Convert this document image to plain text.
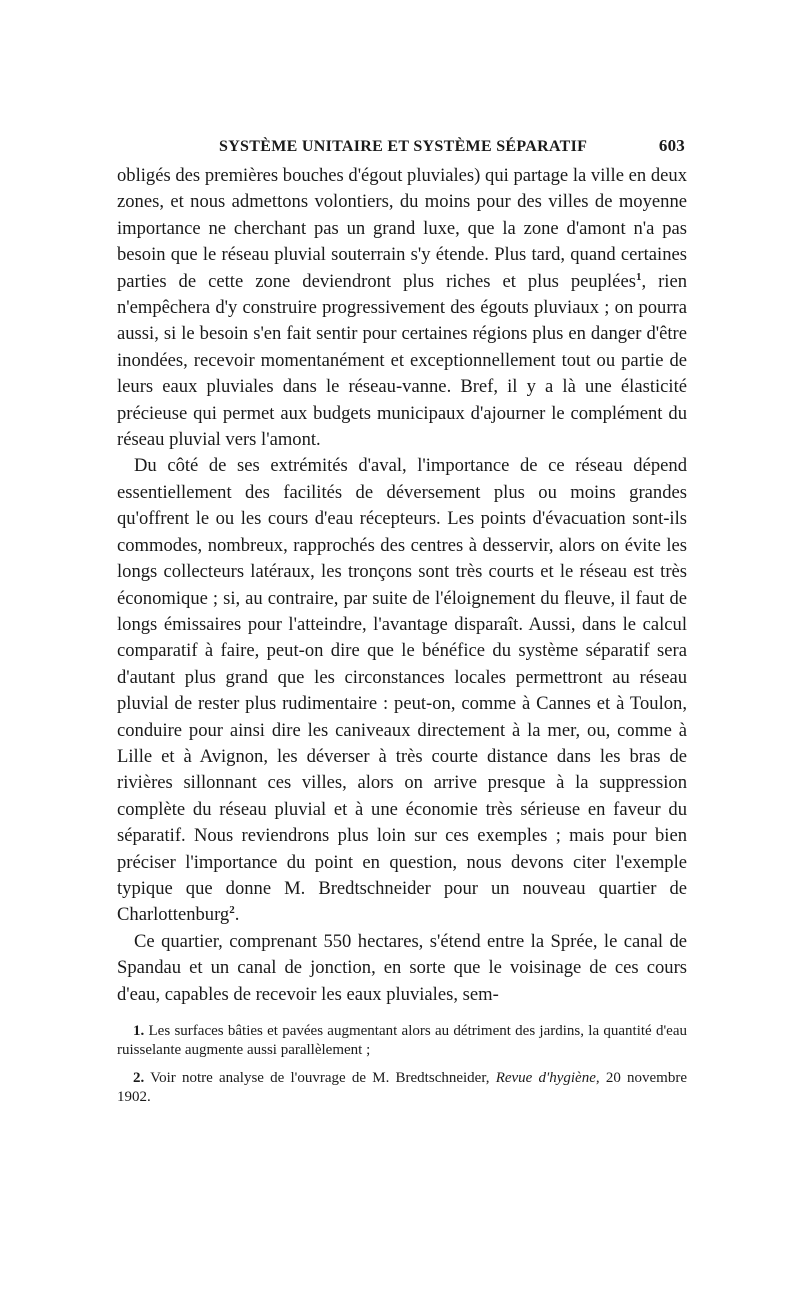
SYSTÈME UNITAIRE ET SYSTÈME SÉPARATIF	603

obligés des premières bouches d'égout pluviales) qui partage la ville en deux zones, et nous admettons volontiers, du moins pour des villes de moyenne importance ne cherchant pas un grand luxe, que la zone d'amont n'a pas besoin que le réseau pluvial souterrain s'y étende. Plus tard, quand certaines parties de cette zone deviendront plus riches et plus peuplées$^1$, rien n'empêchera d'y construire progressivement des égouts pluviaux ; on pourra aussi, si le besoin s'en fait sentir pour certaines régions plus en danger d'être inondées, recevoir momentanément et exceptionnellement tout ou partie de leurs eaux pluviales dans le réseau-vanne. Bref, il y a là une élasticité précieuse qui permet aux budgets municipaux d'ajourner le complément du réseau pluvial vers l'amont.

Du côté de ses extrémités d'aval, l'importance de ce réseau dépend essentiellement des facilités de déversement plus ou moins grandes qu'offrent le ou les cours d'eau récepteurs. Les points d'évacuation sont-ils commodes, nombreux, rapprochés des centres à desservir, alors on évite les longs collecteurs latéraux, les tronçons sont très courts et le réseau est très économique ; si, au contraire, par suite de l'éloignement du fleuve, il faut de longs émissaires pour l'atteindre, l'avantage disparaît. Aussi, dans le calcul comparatif à faire, peut-on dire que le bénéfice du système séparatif sera d'autant plus grand que les circonstances locales permettront au réseau pluvial de rester plus rudimentaire : peut-on, comme à Cannes et à Toulon, conduire pour ainsi dire les caniveaux directement à la mer, ou, comme à Lille et à Avignon, les déverser à très courte distance dans les bras de rivières sillonnant ces villes, alors on arrive presque à la suppression complète du réseau pluvial et à une économie très sérieuse en faveur du séparatif. Nous reviendrons plus loin sur ces exemples ; mais pour bien préciser l'importance du point en question, nous devons citer l'exemple typique que donne M. Bredtschneider pour un nouveau quartier de Charlottenburg$^2$.

Ce quartier, comprenant 550 hectares, s'étend entre la Sprée, le canal de Spandau et un canal de jonction, en sorte que le voisinage de ces cours d'eau, capables de recevoir les eaux pluviales, sem-

1. Les surfaces bâties et pavées augmentant alors au détriment des jardins, la quantité d'eau ruisselante augmente aussi parallèlement ;

2. Voir notre analyse de l'ouvrage de M. Bredtschneider, Revue d'hygiène, 20 novembre 1902.
